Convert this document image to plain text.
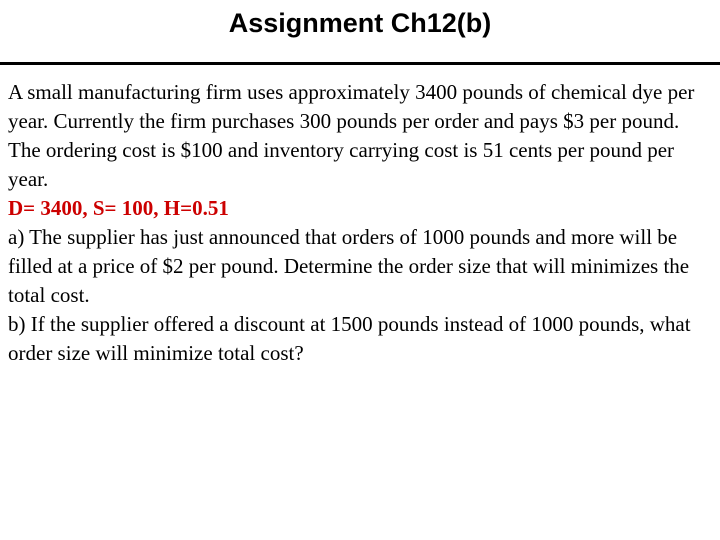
Assignment Ch12(b)

A small manufacturing firm uses approximately 3400 pounds of chemical dye per year. Currently the firm purchases 300 pounds per order and pays $3 per pound.

The ordering cost is $100 and inventory carrying cost is 51 cents per pound per year.

D= 3400, S= 100, H=0.51

a) The supplier has just announced that orders of 1000 pounds and more will be filled at a price of $2 per pound. Determine the order size that will minimizes the total cost.

b) If the supplier offered a discount at 1500 pounds instead of 1000 pounds, what order size will minimize total cost?
